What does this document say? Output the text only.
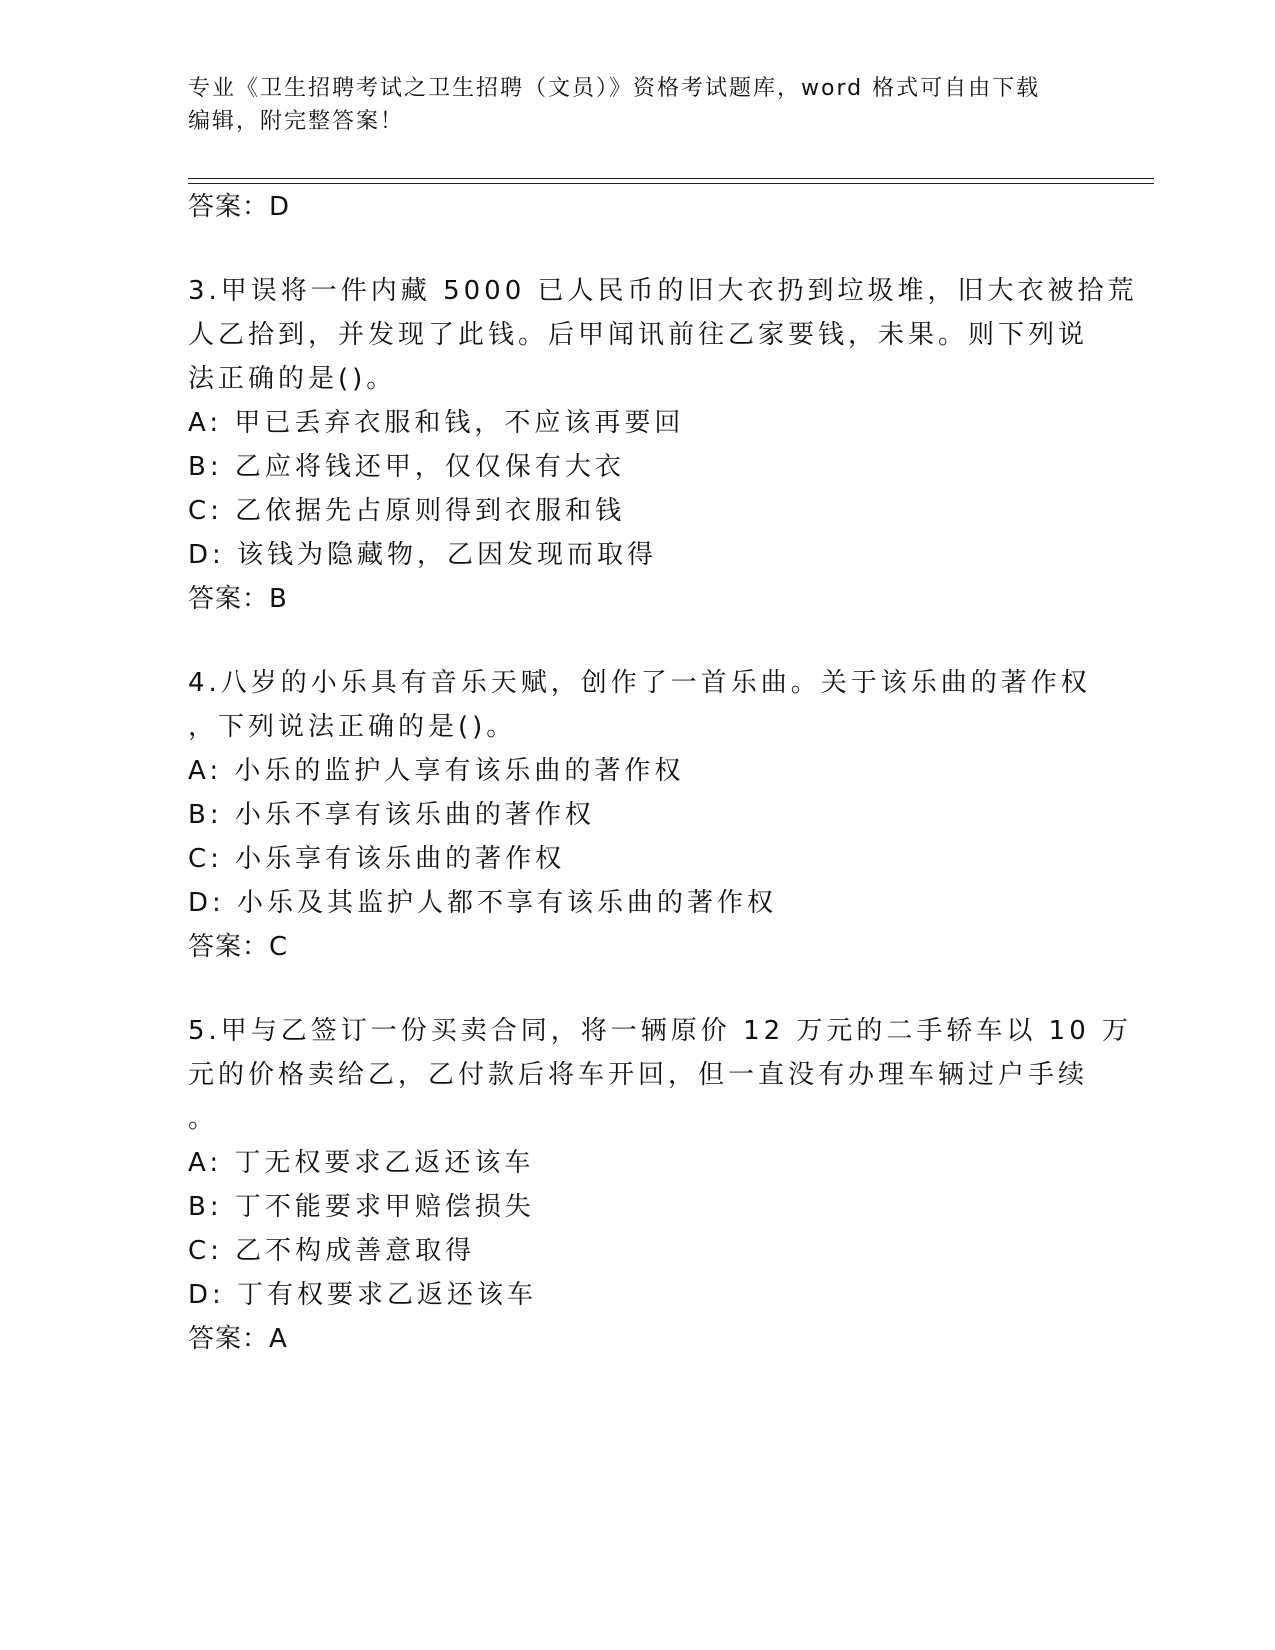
专业《卫生招聘考试之卫生招聘（文员）》资格考试题库，word 格式可自由下载
编辑，附完整答案！
答案：D
3.甲误将一件内藏 5000 已人民币的旧大衣扔到垃圾堆，旧大衣被拾荒
人乙拾到，并发现了此钱。后甲闻讯前往乙家要钱，未果。则下列说
法正确的是()。
A: 甲已丢弃衣服和钱，不应该再要回
B: 乙应将钱还甲，仅仅保有大衣
C: 乙依据先占原则得到衣服和钱
D: 该钱为隐藏物，乙因发现而取得
答案：B
4.八岁的小乐具有音乐天赋，创作了一首乐曲。关于该乐曲的著作权
，下列说法正确的是()。
A: 小乐的监护人享有该乐曲的著作权
B: 小乐不享有该乐曲的著作权
C: 小乐享有该乐曲的著作权
D: 小乐及其监护人都不享有该乐曲的著作权
答案：C
5.甲与乙签订一份买卖合同，将一辆原价 12 万元的二手轿车以 10 万
元的价格卖给乙，乙付款后将车开回，但一直没有办理车辆过户手续
。
A: 丁无权要求乙返还该车
B: 丁不能要求甲赔偿损失
C: 乙不构成善意取得
D: 丁有权要求乙返还该车
答案：A
